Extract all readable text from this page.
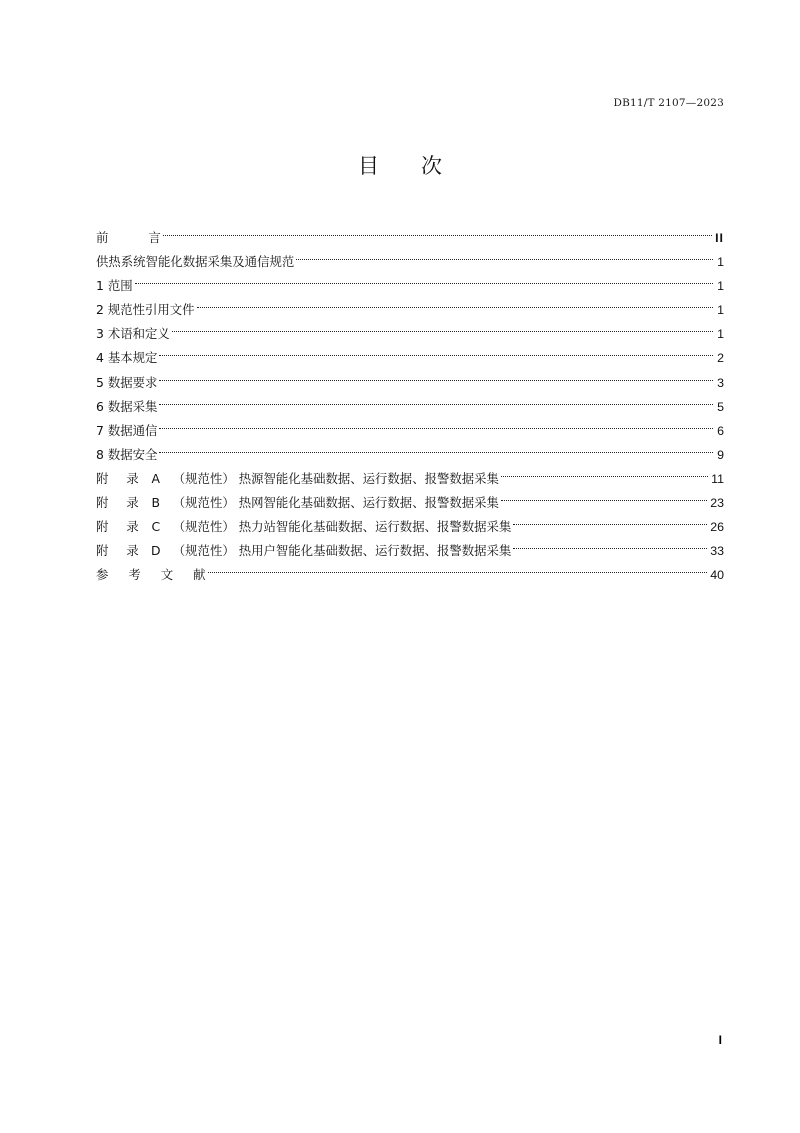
DB11/T 2107—2023
目 次
前	言	II
供热系统智能化数据采集及通信规范	1
1 范围	1
2 规范性引用文件	1
3 术语和定义	1
4 基本规定	2
5 数据要求	3
6 数据采集	5
7 数据通信	6
8 数据安全	9
附 录 A （规范性） 热源智能化基础数据、运行数据、报警数据采集	11
附 录 B （规范性） 热网智能化基础数据、运行数据、报警数据采集	23
附 录 C （规范性） 热力站智能化基础数据、运行数据、报警数据采集	26
附 录 D （规范性） 热用户智能化基础数据、运行数据、报警数据采集	33
参 考 文 献	40
I
